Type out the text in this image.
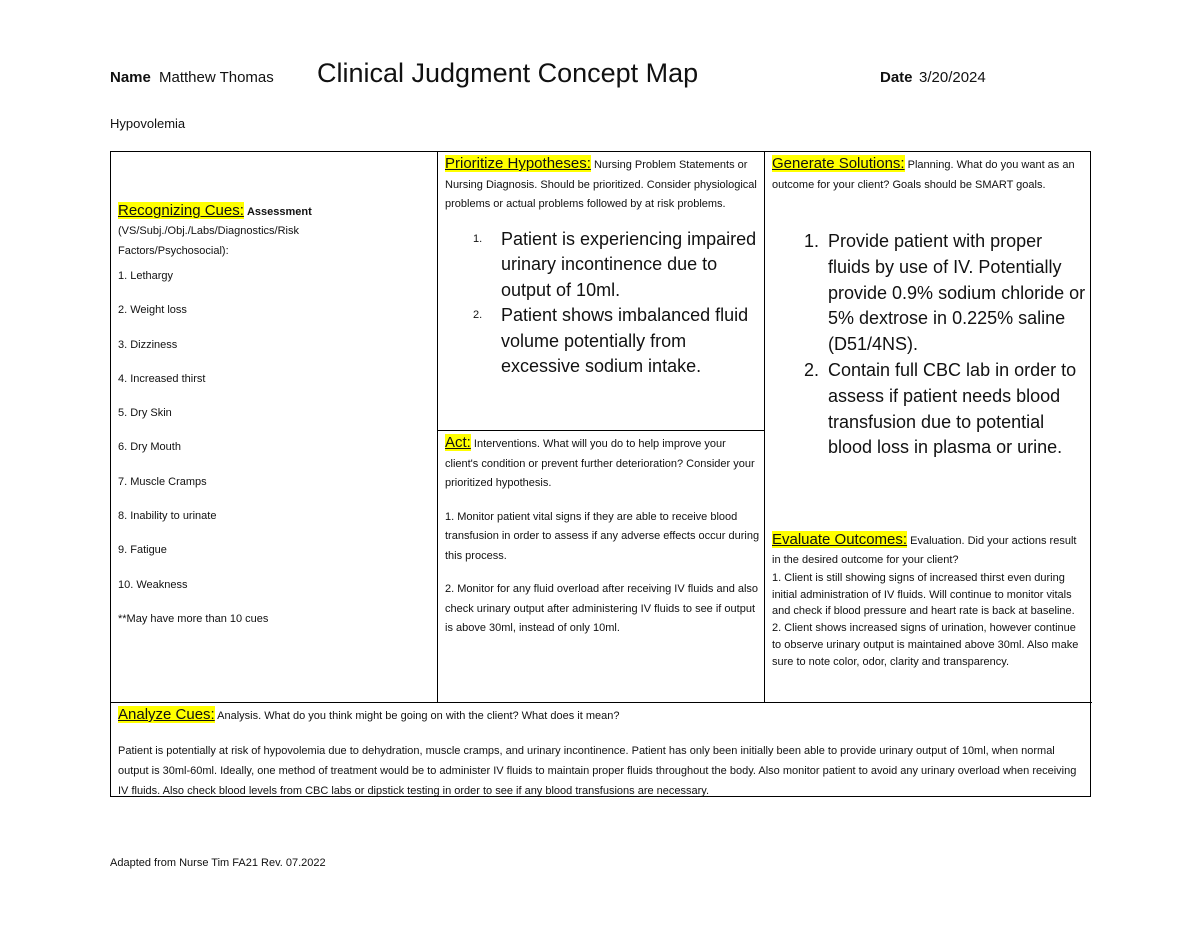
Name Matthew Thomas Clinical Judgment Concept Map	Date 3/20/2024
Hypovolemia
Recognizing Cues: Assessment
(VS/Subj./Obj./Labs/Diagnostics/Risk
Factors/Psychosocial):
1. Lethargy
2. Weight loss
3. Dizziness
4. Increased thirst
5. Dry Skin
6. Dry Mouth
7. Muscle Cramps
8. Inability to urinate
9. Fatigue
10. Weakness
**May have more than 10 cues
Prioritize Hypotheses: Nursing Problem Statements or Nursing Diagnosis. Should be prioritized. Consider physiological problems or actual problems followed by at risk problems.
1. Patient is experiencing impaired urinary incontinence due to output of 10ml.
2. Patient shows imbalanced fluid volume potentially from excessive sodium intake.
Act: Interventions. What will you do to help improve your client's condition or prevent further deterioration? Consider your prioritized hypothesis.
1. Monitor patient vital signs if they are able to receive blood transfusion in order to assess if any adverse effects occur during this process.
2. Monitor for any fluid overload after receiving IV fluids and also check urinary output after administering IV fluids to see if output is above 30ml, instead of only 10ml.
Generate Solutions: Planning. What do you want as an outcome for your client? Goals should be SMART goals.
1. Provide patient with proper fluids by use of IV. Potentially provide 0.9% sodium chloride or 5% dextrose in 0.225% saline (D51/4NS).
2. Contain full CBC lab in order to assess if patient needs blood transfusion due to potential blood loss in plasma or urine.
Evaluate Outcomes: Evaluation. Did your actions result in the desired outcome for your client?
1. Client is still showing signs of increased thirst even during initial administration of IV fluids. Will continue to monitor vitals and check if blood pressure and heart rate is back at baseline.
2. Client shows increased signs of urination, however continue to observe urinary output is maintained above 30ml. Also make sure to note color, odor, clarity and transparency.
Analyze Cues: Analysis. What do you think might be going on with the client? What does it mean?
Patient is potentially at risk of hypovolemia due to dehydration, muscle cramps, and urinary incontinence. Patient has only been initially been able to provide urinary output of 10ml, when normal output is 30ml-60ml. Ideally, one method of treatment would be to administer IV fluids to maintain proper fluids throughout the body. Also monitor patient to avoid any urinary overload when receiving IV fluids. Also check blood levels from CBC labs or dipstick testing in order to see if any blood transfusions are necessary.
Adapted from Nurse Tim FA21 Rev. 07.2022
